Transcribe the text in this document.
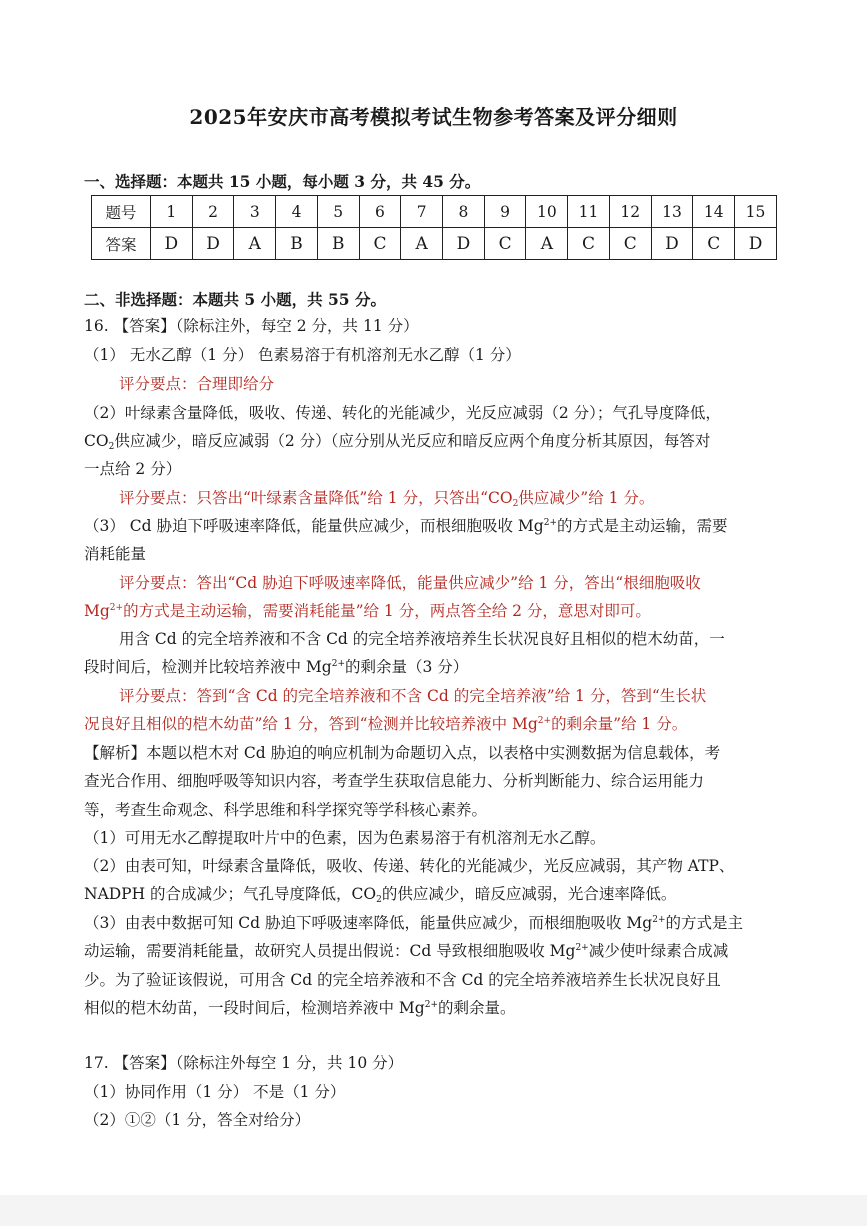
2025年安庆市高考模拟考试生物参考答案及评分细则
一、选择题：本题共 15 小题，每小题 3 分，共 45 分。
题号	1	2	3	4	5	6	7	8	9	10	11	12	13	14	15
答案	D	D	A	B	B	C	A	D	C	A	C	C	D	C	D
二、非选择题：本题共 5 小题，共 55 分。
16. 【答案】（除标注外，每空 2 分，共 11 分）
（1） 无水乙醇（1 分） 色素易溶于有机溶剂无水乙醇（1 分）
评分要点：合理即给分
（2）叶绿素含量降低，吸收、传递、转化的光能减少，光反应减弱（2 分）；气孔导度降低，
$CO_2$供应减少，暗反应减弱（2 分）（应分别从光反应和暗反应两个角度分析其原因，每答对
一点给 2 分）
评分要点：只答出“叶绿素含量降低”给 1 分，只答出“$CO_2$供应减少”给 1 分。
（3） Cd 胁迫下呼吸速率降低，能量供应减少，而根细胞吸收 $Mg^{2+}$的方式是主动运输，需要
消耗能量
评分要点：答出“Cd 胁迫下呼吸速率降低，能量供应减少”给 1 分，答出“根细胞吸收
$Mg^{2+}$的方式是主动运输，需要消耗能量”给 1 分，两点答全给 2 分，意思对即可。
用含 Cd 的完全培养液和不含 Cd 的完全培养液培养生长状况良好且相似的桤木幼苗，一
段时间后，检测并比较培养液中 $Mg^{2+}$的剩余量（3 分）
评分要点：答到“含 Cd 的完全培养液和不含 Cd 的完全培养液”给 1 分，答到“生长状
况良好且相似的桤木幼苗”给 1 分，答到“检测并比较培养液中 $Mg^{2+}$的剩余量”给 1 分。
【解析】本题以桤木对 Cd 胁迫的响应机制为命题切入点，以表格中实测数据为信息载体，考
查光合作用、细胞呼吸等知识内容，考查学生获取信息能力、分析判断能力、综合运用能力
等，考查生命观念、科学思维和科学探究等学科核心素养。
（1）可用无水乙醇提取叶片中的色素，因为色素易溶于有机溶剂无水乙醇。
（2）由表可知，叶绿素含量降低，吸收、传递、转化的光能减少，光反应减弱，其产物 ATP、
NADPH 的合成减少；气孔导度降低，$CO_2$的供应减少，暗反应减弱，光合速率降低。
（3）由表中数据可知 Cd 胁迫下呼吸速率降低，能量供应减少，而根细胞吸收 $Mg^{2+}$的方式是主
动运输，需要消耗能量，故研究人员提出假说：Cd 导致根细胞吸收 $Mg^{2+}$减少使叶绿素合成减
少。为了验证该假说，可用含 Cd 的完全培养液和不含 Cd 的完全培养液培养生长状况良好且
相似的桤木幼苗，一段时间后，检测培养液中 $Mg^{2+}$的剩余量。
17. 【答案】（除标注外每空 1 分，共 10 分）
（1）协同作用（1 分） 不是（1 分）
（2）①②（1 分，答全对给分）
